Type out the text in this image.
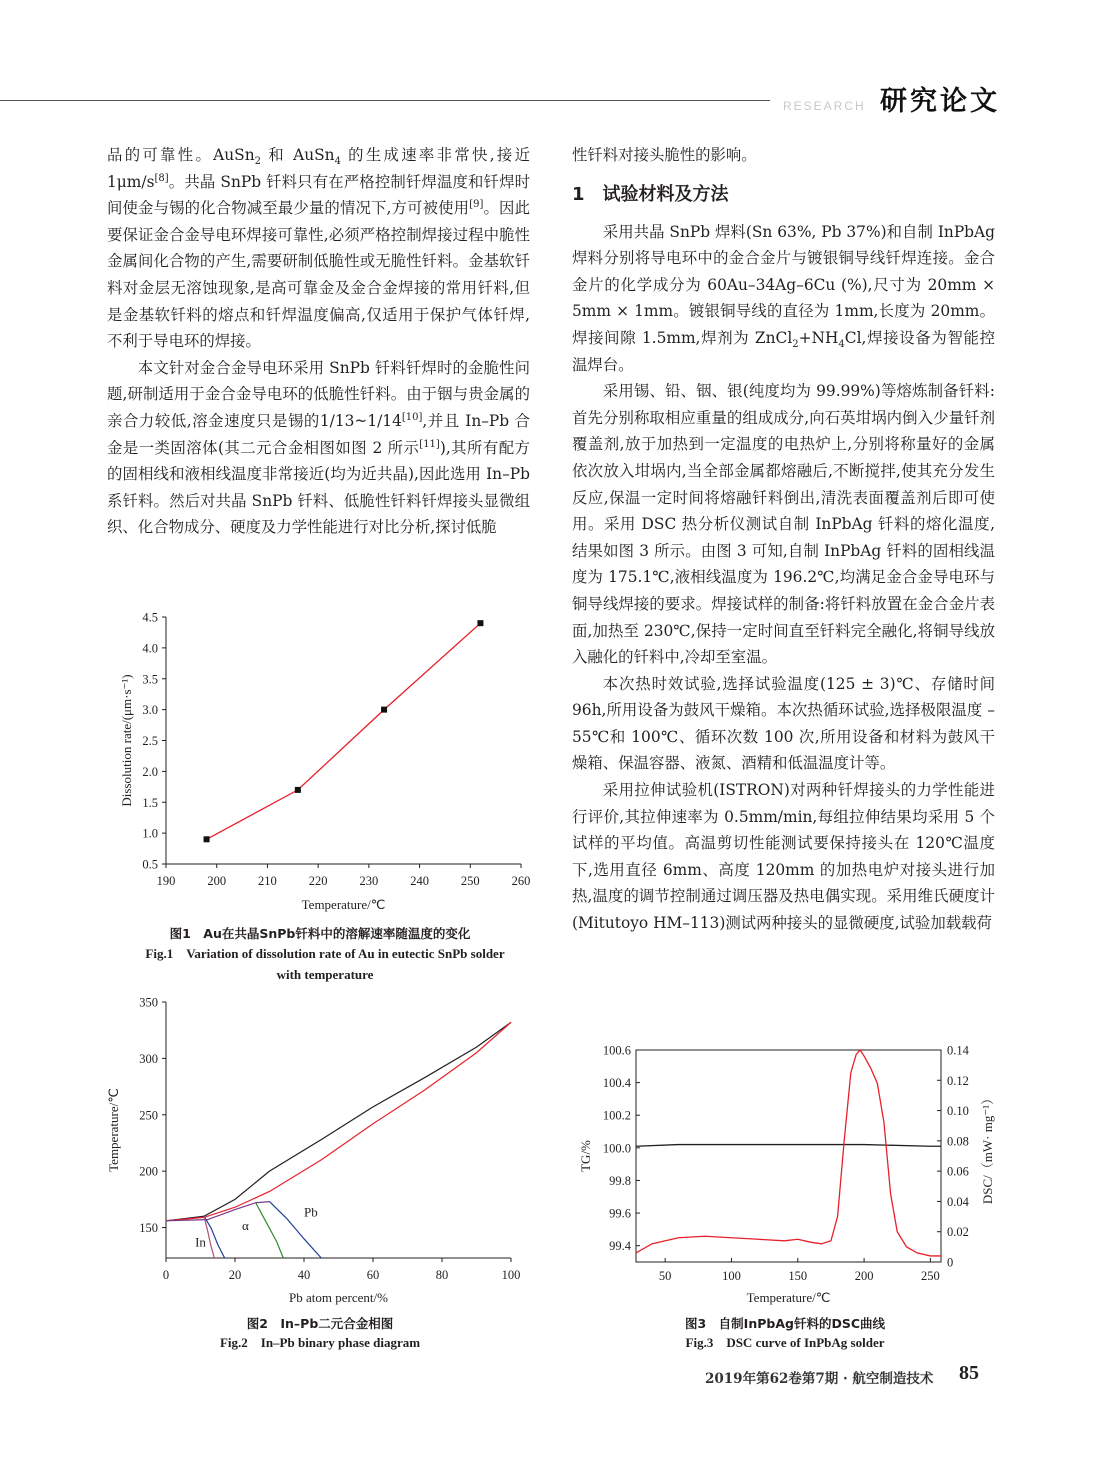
RESEARCH 研究论文

品的可靠性。AuSn$_2$ 和 AuSn$_4$ 的生成速率非常快,接近1μm/s[8]。共晶 SnPb 钎料只有在严格控制钎焊温度和钎焊时间使金与锡的化合物减至最少量的情况下,方可被使用[9]。因此要保证金合金导电环焊接可靠性,必须严格控制焊接过程中脆性金属间化合物的产生,需要研制低脆性或无脆性钎料。金基软钎料对金层无溶蚀现象,是高可靠金及金合金焊接的常用钎料,但是金基软钎料的熔点和钎焊温度偏高,仅适用于保护气体钎焊,不利于导电环的焊接。

本文针对金合金导电环采用 SnPb 钎料钎焊时的金脆性问题,研制适用于金合金导电环的低脆性钎料。由于铟与贵金属的亲合力较低,溶金速度只是锡的1/13~1/14[10],并且 In–Pb 合金是一类固溶体(其二元合金相图如图 2 所示[11]),其所有配方的固相线和液相线温度非常接近(均为近共晶),因此选用 In–Pb 系钎料。然后对共晶 SnPb 钎料、低脆性钎料钎焊接头显微组织、化合物成分、硬度及力学性能进行对比分析,探讨低脆

性钎料对接头脆性的影响。

1　试验材料及方法

采用共晶 SnPb 焊料(Sn 63%, Pb 37%)和自制 InPbAg 焊料分别将导电环中的金合金片与镀银铜导线钎焊连接。金合金片的化学成分为 60Au–34Ag–6Cu (%),尺寸为 20mm × 5mm × 1mm。镀银铜导线的直径为 1mm,长度为 20mm。焊接间隙 1.5mm,焊剂为 $ZnCl_2+NH_4Cl$,焊接设备为智能控温焊台。

采用锡、铅、铟、银(纯度均为 99.99%)等熔炼制备钎料:首先分别称取相应重量的组成成分,向石英坩埚内倒入少量钎剂覆盖剂,放于加热到一定温度的电热炉上,分别将称量好的金属依次放入坩埚内,当全部金属都熔融后,不断搅拌,使其充分发生反应,保温一定时间将熔融钎料倒出,清洗表面覆盖剂后即可使用。采用 DSC 热分析仪测试自制 InPbAg 钎料的熔化温度,结果如图 3 所示。由图 3 可知,自制 InPbAg 钎料的固相线温度为 175.1℃,液相线温度为 196.2℃,均满足金合金导电环与铜导线焊接的要求。焊接试样的制备:将钎料放置在金合金片表面,加热至 230℃,保持一定时间直至钎料完全融化,将铜导线放入融化的钎料中,冷却至室温。

本次热时效试验,选择试验温度(125 ± 3)℃、存储时间 96h,所用设备为鼓风干燥箱。本次热循环试验,选择极限温度 –55℃和 100℃、循环次数 100 次,所用设备和材料为鼓风干燥箱、保温容器、液氮、酒精和低温温度计等。

采用拉伸试验机(ISTRON)对两种钎焊接头的力学性能进行评价,其拉伸速率为 0.5mm/min,每组拉伸结果均采用 5 个试样的平均值。高温剪切性能测试要保持接头在 120℃温度下,选用直径 6mm、高度 120mm 的加热电炉对接头进行加热,温度的调节控制通过调压器及热电偶实现。采用维氏硬度计(Mitutoyo HM–113)测试两种接头的显微硬度,试验加载载荷

190	200	210	220	230	240	250	260
0.5
1.0
1.5
2.0
2.5
3.0
3.5
4.0
4.5
Temperature/℃
Dissolution rate/(μm·s⁻¹)
0	20	40	60	80	100
150
200
250
300
350
In
α
Pb
Pb atom percent/%
Temperature/℃
50	100	150	200	250
99.4
99.6
99.8
100.0
100.2
100.4
100.6
0
0.02
0.04
0.06
0.08
0.10
0.12
0.14
Temperature/℃
TG/%	DSC/（mW· mg⁻¹）
图1　Au在共晶SnPb钎料中的溶解速率随温度的变化
Fig.1　Variation of dissolution rate of Au in eutectic SnPb solder
with temperature
图2　In–Pb二元合金相图
Fig.2　In–Pb binary phase diagram
图3　自制InPbAg钎料的DSC曲线
Fig.3　DSC curve of InPbAg solder
2019年第62卷第7期 · 航空制造技术 85
